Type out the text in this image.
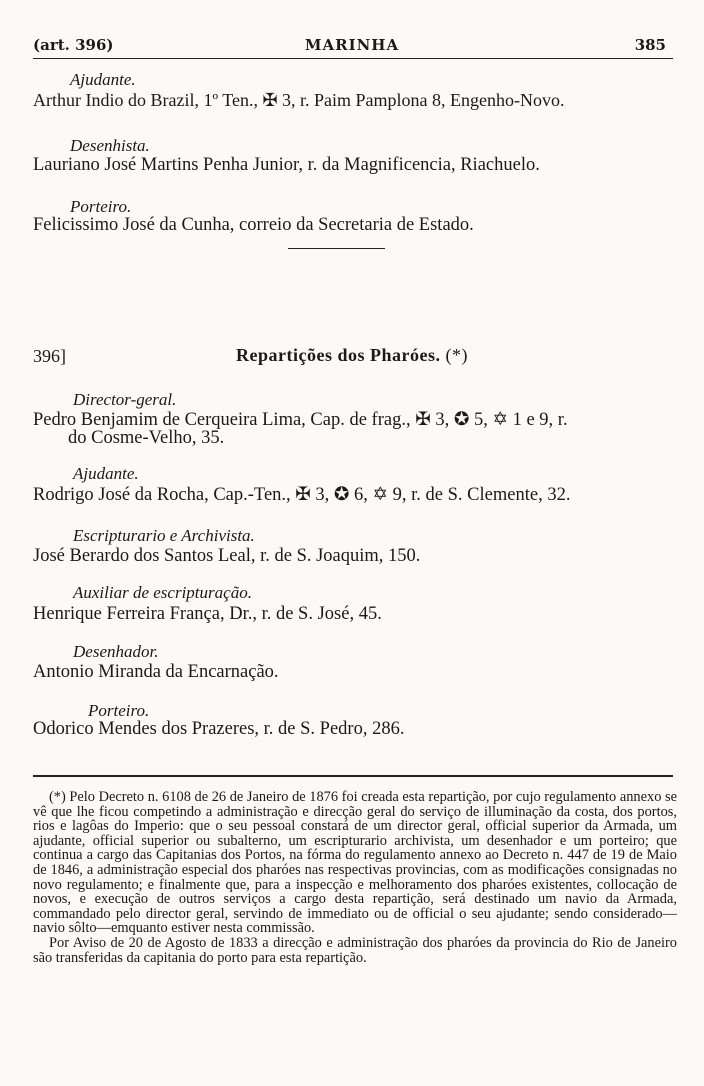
(art. 396)	MARINHA	385
Ajudante.
Arthur Indio do Brazil, 1º Ten., ✠ 3, r. Paim Pamplona 8, Engenho-Novo.
Desenhista.
Lauriano José Martins Penha Junior, r. da Magnificencia, Riachuelo.
Porteiro.
Felicissimo José da Cunha, correio da Secretaria de Estado.
396]	Repartições dos Pharóes. (*)
Director-geral.
Pedro Benjamim de Cerqueira Lima, Cap. de frag., ✠ 3, ✪ 5, ✡ 1 e 9, r.
do Cosme-Velho, 35.
Ajudante.
Rodrigo José da Rocha, Cap.-Ten., ✠ 3, ✪ 6, ✡ 9, r. de S. Clemente, 32.
Escripturario e Archivista.
José Berardo dos Santos Leal, r. de S. Joaquim, 150.
Auxiliar de escripturação.
Henrique Ferreira França, Dr., r. de S. José, 45.
Desenhador.
Antonio Miranda da Encarnação.
Porteiro.
Odorico Mendes dos Prazeres, r. de S. Pedro, 286.

(*) Pelo Decreto n. 6108 de 26 de Janeiro de 1876 foi creada esta repartição, por cujo regulamento annexo se vê que lhe ficou competindo a administração e direcção geral do serviço de illuminação da costa, dos portos, rios e lagôas do Imperio: que o seu pessoal constará de um director geral, official superior da Armada, um ajudante, official superior ou subalterno, um escripturario archivista, um desenhador e um porteiro; que continua a cargo das Capitanias dos Portos, na fórma do regulamento annexo ao Decreto n. 447 de 19 de Maio de 1846, a administração especial dos pharóes nas respectivas provincias, com as modificações consignadas no novo regulamento; e finalmente que, para a inspecção e melhoramento dos pharóes existentes, collocação de novos, e execução de outros serviços a cargo desta repartição, será destinado um navio da Armada, commandado pelo director geral, servindo de immediato ou de official o seu ajudante; sendo considerado—navio sôlto—emquanto estiver nesta commissão.

Por Aviso de 20 de Agosto de 1833 a direcção e administração dos pharóes da provincia do Rio de Janeiro são transferidas da capitania do porto para esta repartição.
